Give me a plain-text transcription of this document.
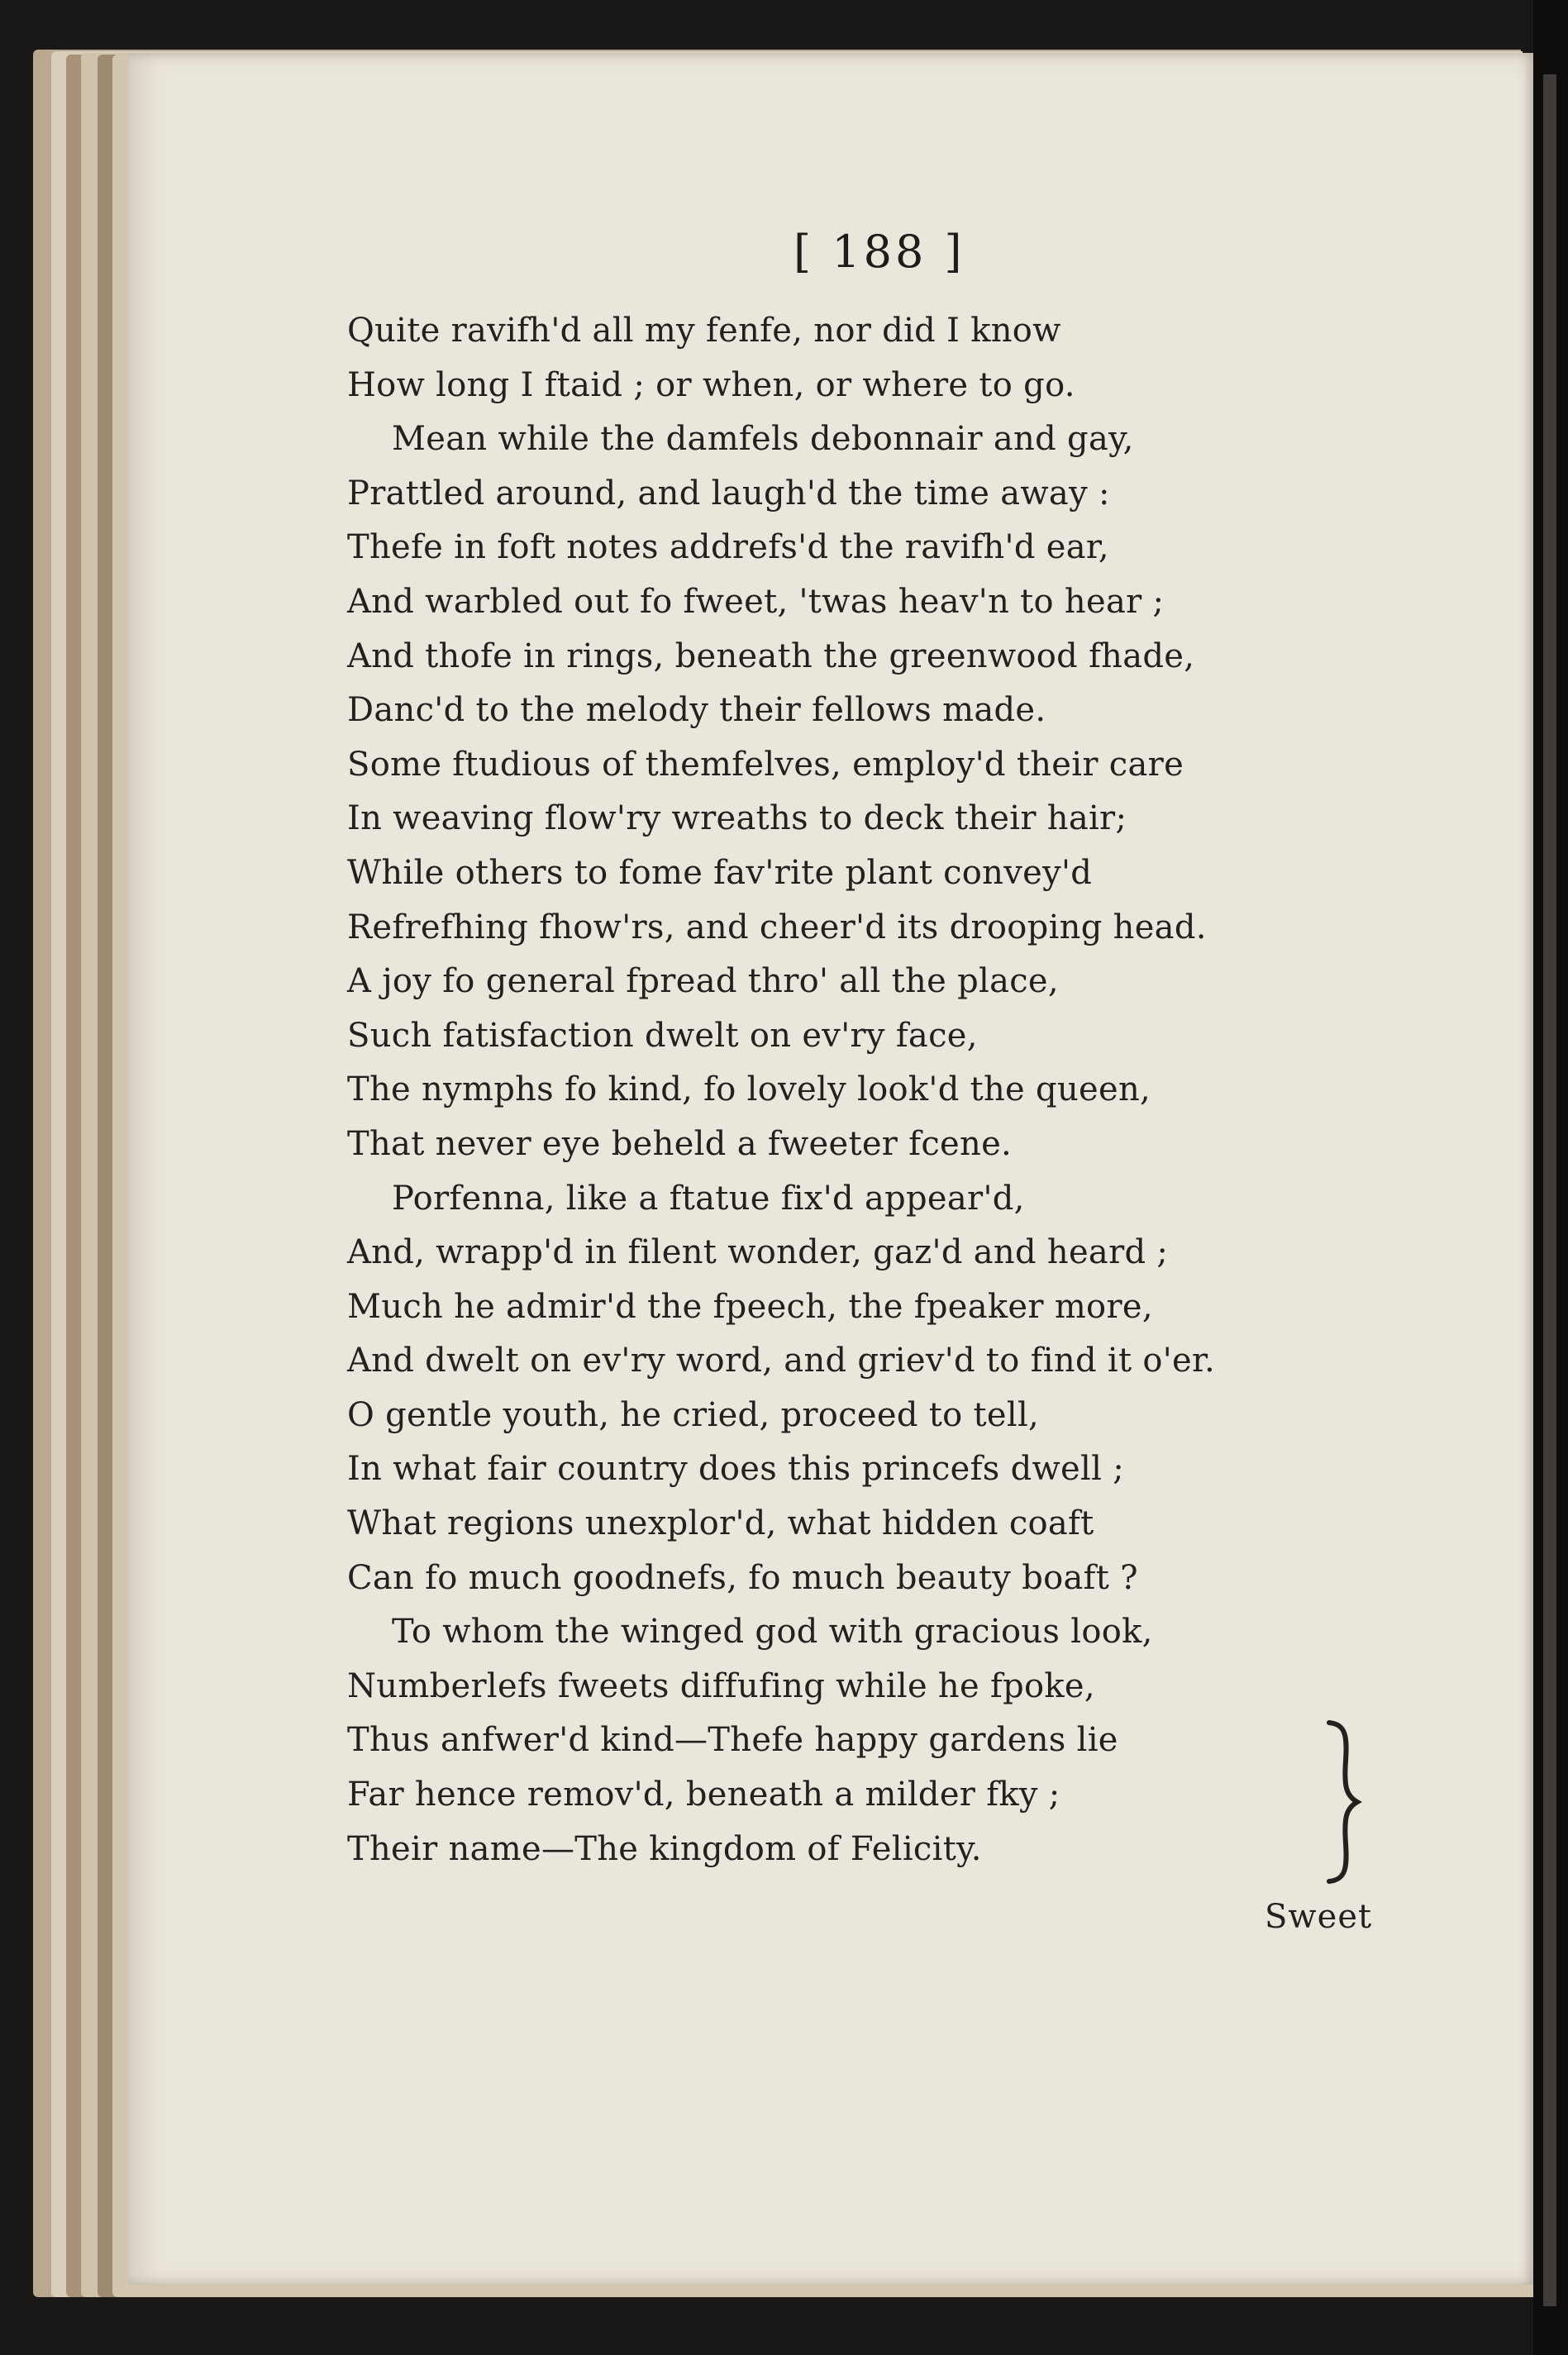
[ 188 ]
Quite ravifh'd all my fenfe, nor did I know
How long I ftaid ; or when, or where to go.
Mean while the damfels debonnair and gay,
Prattled around, and laugh'd the time away :
Thefe in foft notes addrefs'd the ravifh'd ear,
And warbled out fo fweet, 'twas heav'n to hear ;
And thofe in rings, beneath the greenwood fhade,
Danc'd to the melody their fellows made.
Some ftudious of themfelves, employ'd their care
In weaving flow'ry wreaths to deck their hair;
While others to fome fav'rite plant convey'd
Refrefhing fhow'rs, and cheer'd its drooping head.
A joy fo general fpread thro' all the place,
Such fatisfaction dwelt on ev'ry face,
The nymphs fo kind, fo lovely look'd the queen,
That never eye beheld a fweeter fcene.
Porfenna, like a ftatue fix'd appear'd,
And, wrapp'd in filent wonder, gaz'd and heard ;
Much he admir'd the fpeech, the fpeaker more,
And dwelt on ev'ry word, and griev'd to find it o'er.
O gentle youth, he cried, proceed to tell,
In what fair country does this princefs dwell ;
What regions unexplor'd, what hidden coaft
Can fo much goodnefs, fo much beauty boaft ?
To whom the winged god with gracious look,
Numberlefs fweets diffufing while he fpoke,
Thus anfwer'd kind—Thefe happy gardens lie
Far hence remov'd, beneath a milder fky ;
Their name—The kingdom of Felicity.
Sweet
